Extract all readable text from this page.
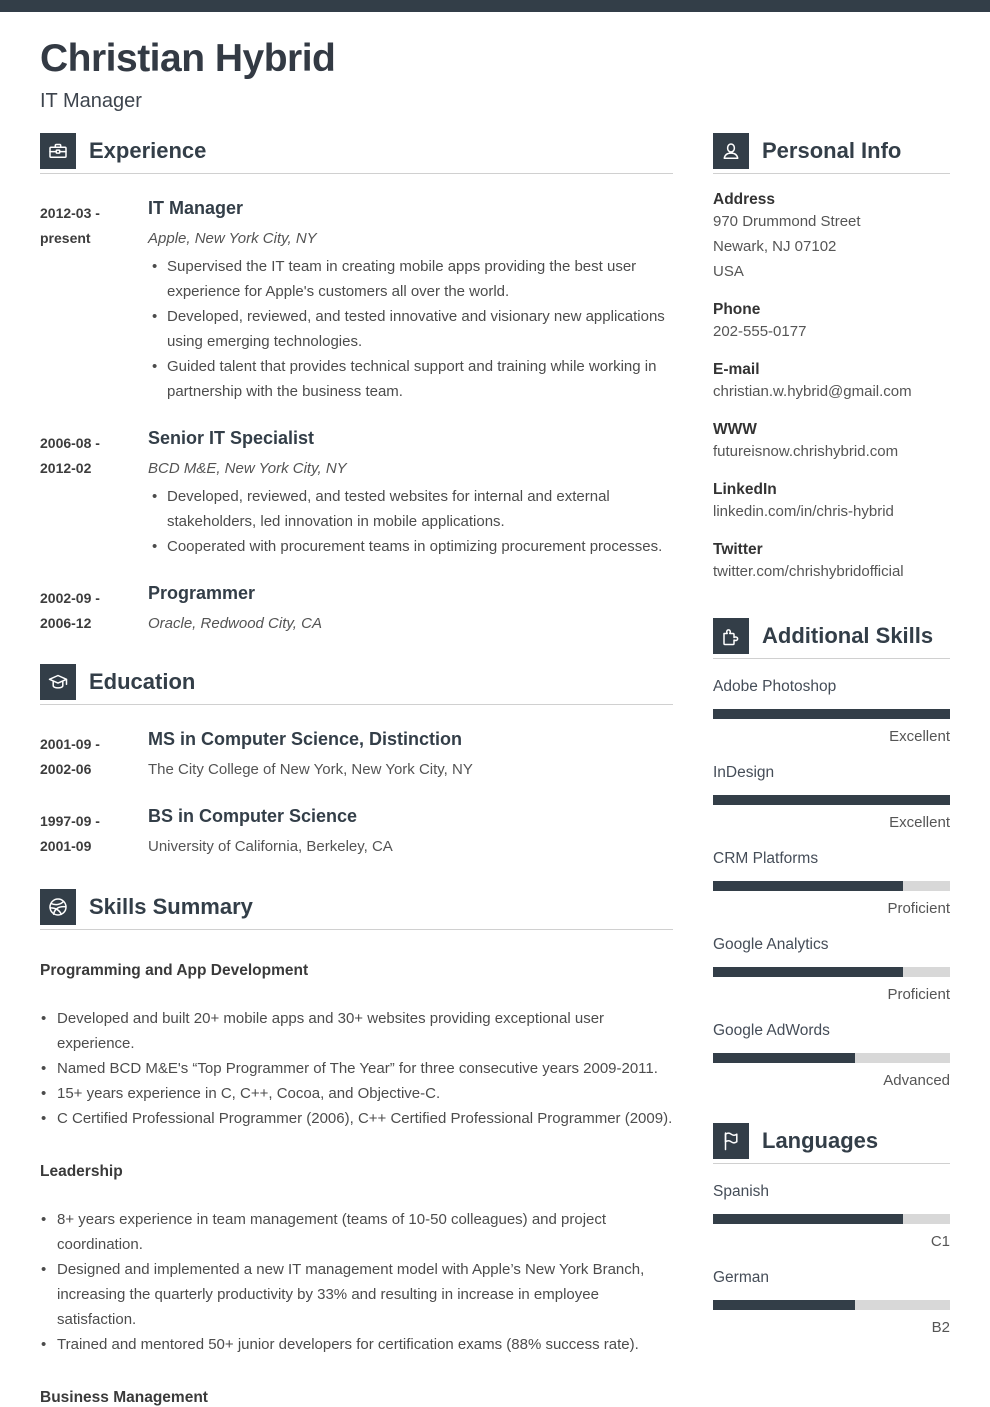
Christian Hybrid
IT Manager
Experience
2012-03 -
present
IT Manager
Apple, New York City, NY
• Supervised the IT team in creating mobile apps providing the best user experience for Apple's customers all over the world.
• Developed, reviewed, and tested innovative and visionary new applications using emerging technologies.
• Guided talent that provides technical support and training while working in partnership with the business team.
2006-08 -
2012-02
Senior IT Specialist
BCD M&E, New York City, NY
• Developed, reviewed, and tested websites for internal and external stakeholders, led innovation in mobile applications.
• Cooperated with procurement teams in optimizing procurement processes.
2002-09 -
2006-12
Programmer
Oracle, Redwood City, CA
Education
2001-09 -
2002-06
MS in Computer Science, Distinction
The City College of New York, New York City, NY
1997-09 -
2001-09
BS in Computer Science
University of California, Berkeley, CA
Skills Summary
Programming and App Development
• Developed and built 20+ mobile apps and 30+ websites providing exceptional user experience.
• Named BCD M&E's “Top Programmer of The Year” for three consecutive years 2009-2011.
• 15+ years experience in C, C++, Cocoa, and Objective-C.
• C Certified Professional Programmer (2006), C++ Certified Professional Programmer (2009).
Leadership
• 8+ years experience in team management (teams of 10-50 colleagues) and project coordination.
• Designed and implemented a new IT management model with Apple’s New York Branch, increasing the quarterly productivity by 33% and resulting in increase in employee satisfaction.
• Trained and mentored 50+ junior developers for certification exams (88% success rate).
Business Management
Personal Info
Address
970 Drummond Street
Newark, NJ 07102
USA
Phone
202-555-0177
E-mail
christian.w.hybrid@gmail.com
WWW
futureisnow.chrishybrid.com
LinkedIn
linkedin.com/in/chris-hybrid
Twitter
twitter.com/chrishybridofficial
Additional Skills
Adobe Photoshop
Excellent
InDesign
Excellent
CRM Platforms
Proficient
Google Analytics
Proficient
Google AdWords
Advanced
Languages
Spanish
C1
German
B2
